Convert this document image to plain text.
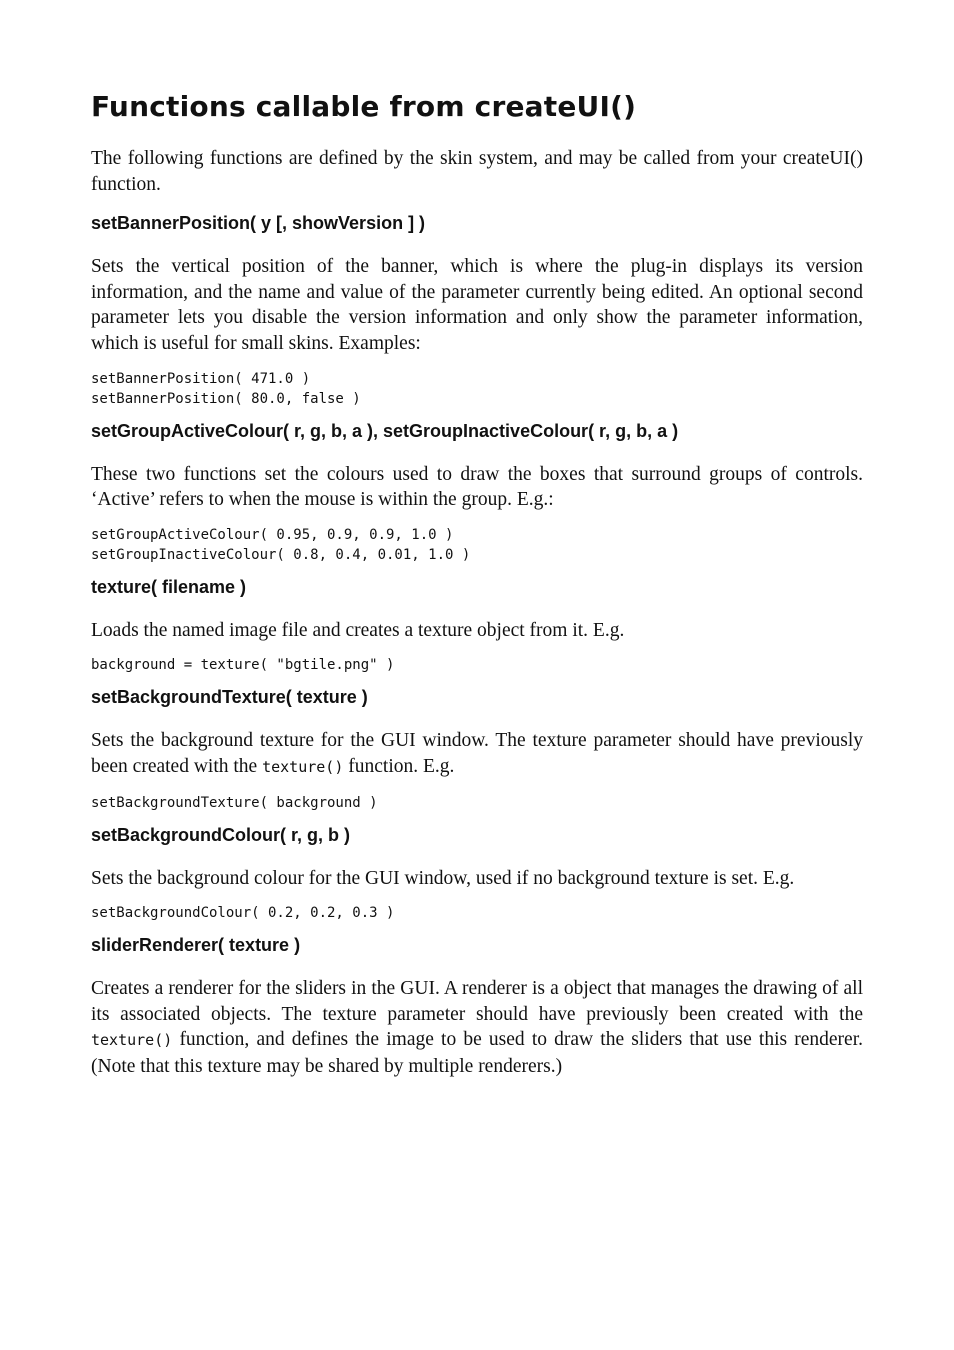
Functions callable from createUI()

The following functions are defined by the skin system, and may be called from your createUI() function.

setBannerPosition( y [, showVersion ] )

Sets the vertical position of the banner, which is where the plug-in displays its version information, and the name and value of the parameter currently being edited. An optional second parameter lets you disable the version information and only show the parameter information, which is useful for small skins. Examples:

setBannerPosition( 471.0 )
setBannerPosition( 80.0, false )
setGroupActiveColour( r, g, b, a ), setGroupInactiveColour( r, g, b, a )

These two functions set the colours used to draw the boxes that surround groups of controls. ‘Active’ refers to when the mouse is within the group. E.g.:

setGroupActiveColour( 0.95, 0.9, 0.9, 1.0 )
setGroupInactiveColour( 0.8, 0.4, 0.01, 1.0 )
texture( filename )

Loads the named image file and creates a texture object from it. E.g.

background = texture( "bgtile.png" )
setBackgroundTexture( texture )

Sets the background texture for the GUI window. The texture parameter should have previously been created with the texture() function. E.g.

setBackgroundTexture( background )
setBackgroundColour( r, g, b )

Sets the background colour for the GUI window, used if no background texture is set. E.g.

setBackgroundColour( 0.2, 0.2, 0.3 )
sliderRenderer( texture )

Creates a renderer for the sliders in the GUI. A renderer is a object that manages the drawing of all its associated objects. The texture parameter should have previously been created with the texture() function, and defines the image to be used to draw the sliders that use this renderer. (Note that this texture may be shared by multiple renderers.)
